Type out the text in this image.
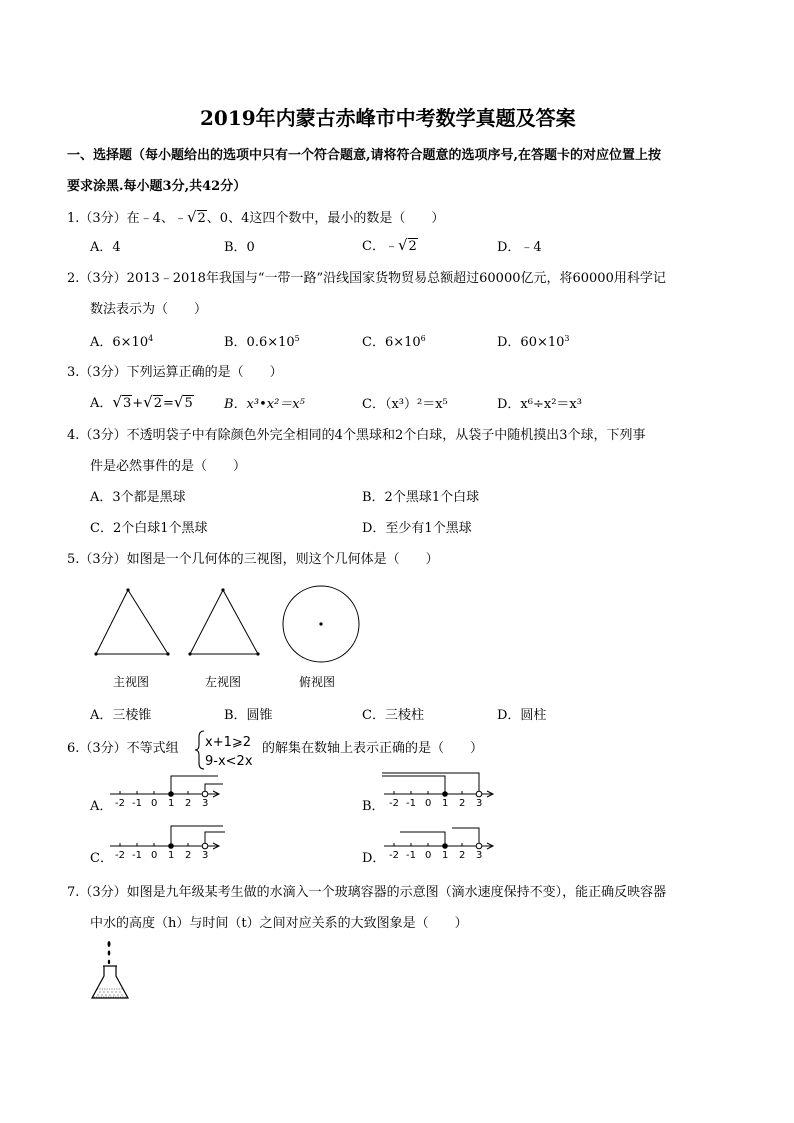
2019年内蒙古赤峰市中考数学真题及答案
一、选择题（每小题给出的选项中只有一个符合题意,请将符合题意的选项序号,在答题卡的对应位置上按
要求涂黑.每小题3分,共42分）
1.（3分）在﹣4、﹣√2、0、4这四个数中，最小的数是（　　）
A．4	B．0	C．﹣√2	D．﹣4
2.（3分）2013﹣2018年我国与“一带一路”沿线国家货物贸易总额超过60000亿元，将60000用科学记
数法表示为（　　）
A．$6\times 10^4$	B．$0.6\times 10^5$	C．$6\times 10^6$	D．$60\times 10^3$
3.（3分）下列运算正确的是（　　）
A．√3+√2=√5 B．x³•x²＝x⁵	C．（x³）²＝x⁵	D．x⁶÷x²＝x³
4.（3分）不透明袋子中有除颜色外完全相同的4个黑球和2个白球，从袋子中随机摸出3个球，下列事
件是必然事件的是（　　）
A．3个都是黑球	B．2个黑球1个白球
C．2个白球1个黑球	D．至少有1个黑球
5.（3分）如图是一个几何体的三视图，则这个几何体是（　　）
主视图	左视图	俯视图
A．三棱锥	B．圆锥	C．三棱柱	D．圆柱
6.（3分）不等式组 x+1⩾2
9-x<2x
的解集在数轴上表示正确的是（　　）
A．	B．
C．	D．
-2 -1 0 1 2 3	-2 -1 0 1 2 3
-2 -1 0 1 2 3	-2 -1 0 1 2 3
7.（3分）如图是九年级某考生做的水滴入一个玻璃容器的示意图（滴水速度保持不变），能正确反映容器
中水的高度（h）与时间（t）之间对应关系的大致图象是（　　）
